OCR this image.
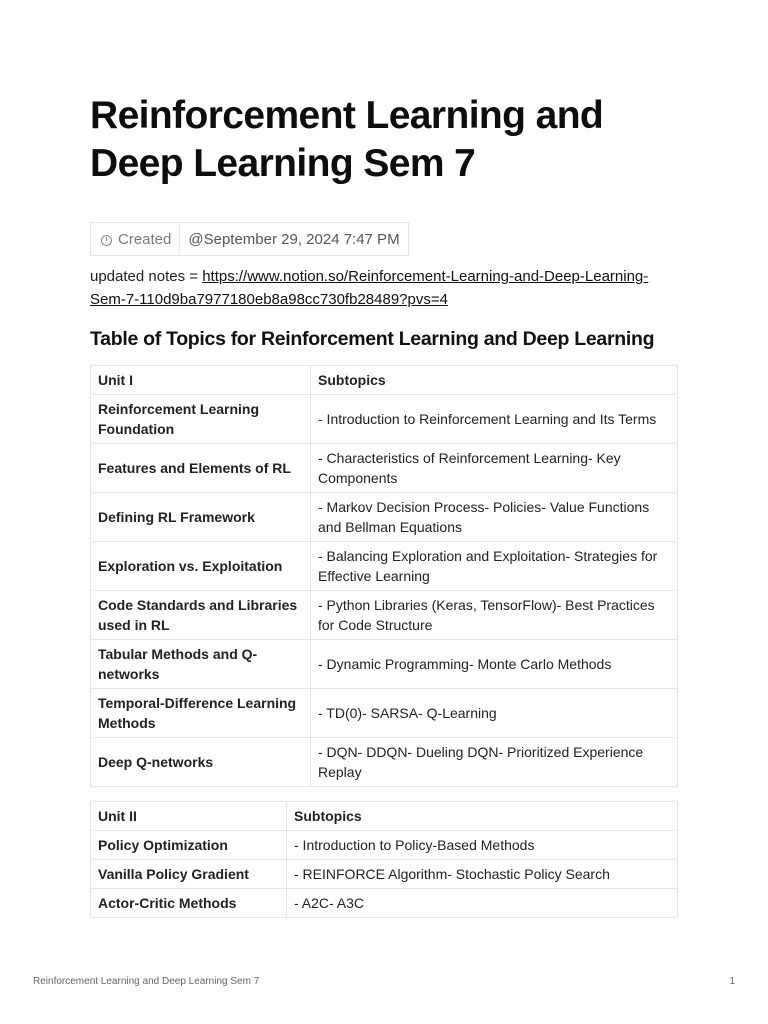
Reinforcement Learning and Deep Learning Sem 7
Created	@September 29, 2024 7:47 PM
updated notes = https://www.notion.so/Reinforcement-Learning-and-Deep-Learning-Sem-7-110d9ba7977180eb8a98cc730fb28489?pvs=4
Table of Topics for Reinforcement Learning and Deep Learning
Unit I	Subtopics
Reinforcement Learning Foundation	- Introduction to Reinforcement Learning and Its Terms
Features and Elements of RL	- Characteristics of Reinforcement Learning- Key Components
Defining RL Framework	- Markov Decision Process- Policies- Value Functions and Bellman Equations
Exploration vs. Exploitation	- Balancing Exploration and Exploitation- Strategies for Effective Learning
Code Standards and Libraries used in RL	- Python Libraries (Keras, TensorFlow)- Best Practices for Code Structure
Tabular Methods and Q-networks	- Dynamic Programming- Monte Carlo Methods
Temporal-Difference Learning Methods	- TD(0)- SARSA- Q-Learning
Deep Q-networks	- DQN- DDQN- Dueling DQN- Prioritized Experience Replay
Unit II	Subtopics
Policy Optimization	- Introduction to Policy-Based Methods
Vanilla Policy Gradient	- REINFORCE Algorithm- Stochastic Policy Search
Actor-Critic Methods	- A2C- A3C
Reinforcement Learning and Deep Learning Sem 7	1
